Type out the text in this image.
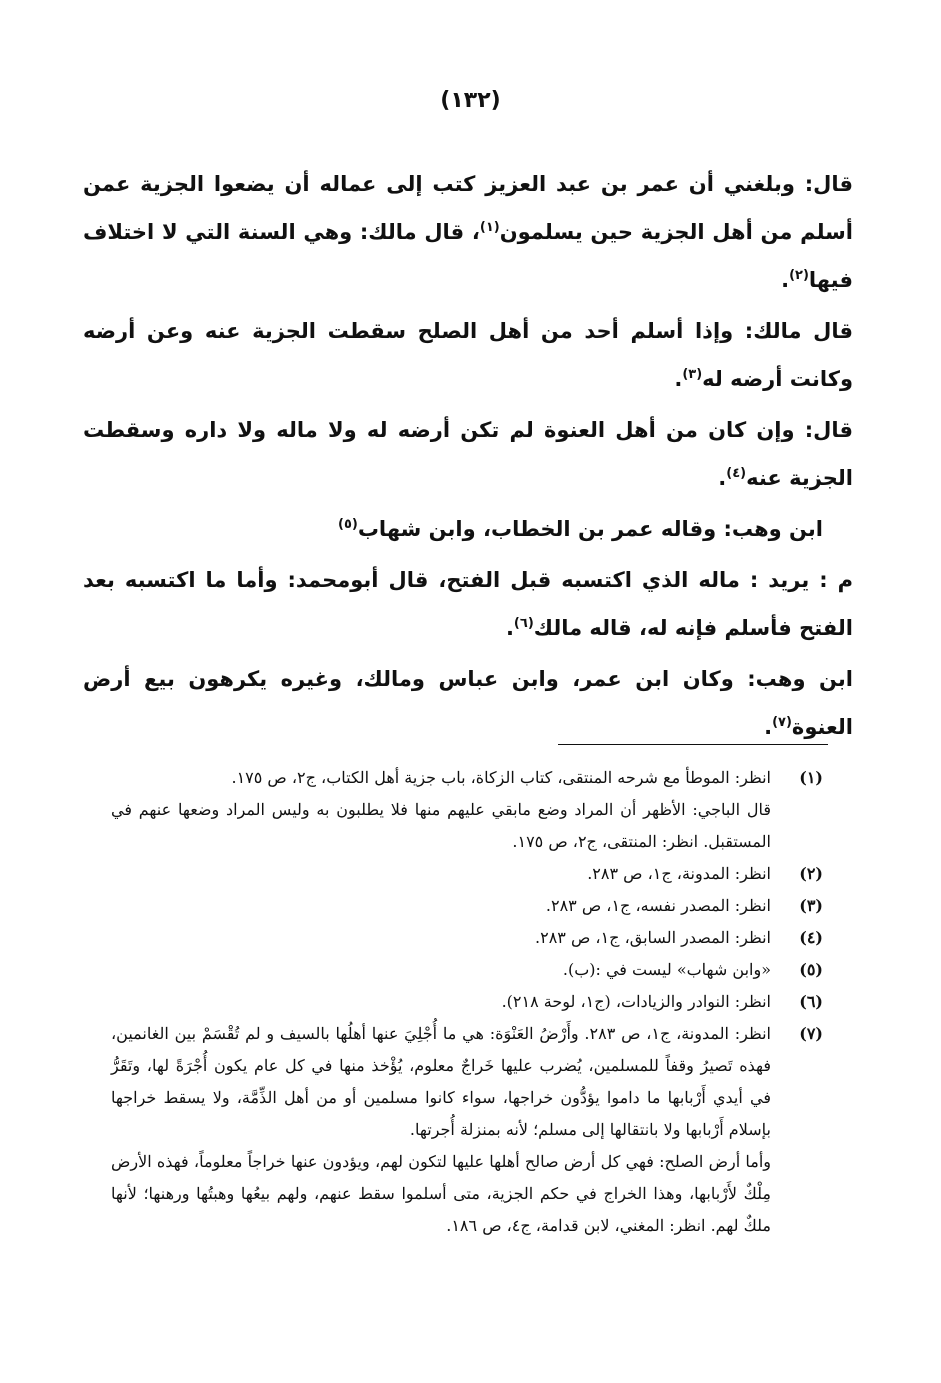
(١٣٢)

قال: وبلغني أن عمر بن عبد العزيز كتب إلى عماله أن يضعوا الجزية عمن أسلم من أهل الجزية حين يسلمون$^{(١)}$، قال مالك: وهي السنة التي لا اختلاف فيها$^{(٢)}$.

قال مالك: وإذا أسلم أحد من أهل الصلح سقطت الجزية عنه وعن أرضه وكانت أرضه له$^{(٣)}$.

قال: وإن كان من أهل العنوة لم تكن أرضه له ولا ماله ولا داره وسقطت الجزية عنه$^{(٤)}$.

ابن وهب: وقاله عمر بن الخطاب، وابن شهاب$^{(٥)}$

م : يريد : ماله الذي اكتسبه قبل الفتح، قال أبومحمد: وأما ما اكتسبه بعد الفتح فأسلم فإنه له، قاله مالك$^{(٦)}$.

ابن وهب: وكان ابن عمر، وابن عباس ومالك، وغيره يكرهون بيع أرض العنوة$^{(٧)}$.

(١)
انظر: الموطأ مع شرحه المنتقى، كتاب الزكاة، باب جزية أهل الكتاب، ج٢، ص ١٧٥.
قال الباجي: الأظهر أن المراد وضع مابقي عليهم منها فلا يطلبون به وليس المراد وضعها عنهم في المستقبل. انظر: المنتقى، ج٢، ص ١٧٥.
(٢)
انظر: المدونة، ج١، ص ٢٨٣.
(٣)
انظر: المصدر نفسه، ج١، ص ٢٨٣.
(٤)
انظر: المصدر السابق، ج١، ص ٢٨٣.
(٥)
«وابن شهاب» ليست في :(ب).
(٦)
انظر: النوادر والزيادات، (ج١، لوحة ٢١٨).
(٧)
انظر: المدونة، ج١، ص ٢٨٣. وأَرْضُ العَنْوَة: هي ما أُجْلِيَ عنها أهلُها بالسيف و لم تُقْسَمْ بين الغانمين، فهذه تَصيرُ وقفاً للمسلمين، يُضرب عليها خَراجٌ معلوم، يُؤْخذ منها في كل عام يكون أُجْرَةً لها، وتَقَرُّ في أيدي أَرْبابها ما داموا يؤدُّون خراجها، سواء كانوا مسلمين أو من أهل الذِّمَّة، ولا يسقط خراجها بإسلام أَرْبابها ولا بانتقالها إلى مسلم؛ لأنه بمنزلة أُجرتها.
وأما أرض الصلح: فهي كل أرض صالح أهلها عليها لتكون لهم، ويؤدون عنها خراجاً معلوماً، فهذه الأرض مِلْكٌ لأَرْبابها، وهذا الخراج في حكم الجزية، متى أسلموا سقط عنهم، ولهم بيعُها وهبتُها ورهنها؛ لأنها ملكٌ لهم. انظر: المغني، لابن قدامة، ج٤، ص ١٨٦.
